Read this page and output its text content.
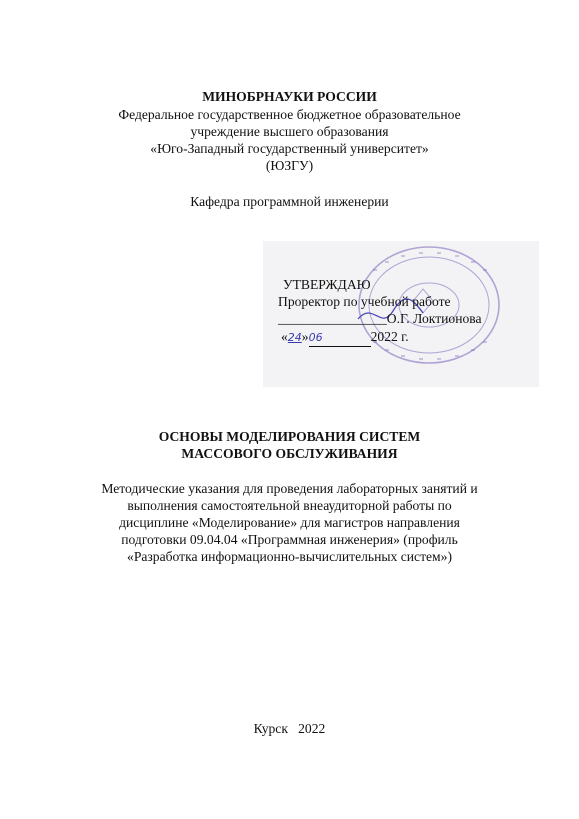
МИНОБРНАУКИ РОССИИ
Федеральное государственное бюджетное образовательное
учреждение высшего образования
«Юго-Западный государственный университет»
(ЮЗГУ)
Кафедра программной инженерии
УТВЕРЖДАЮ
Проректор по учебной работе
________________О.Г. Локтионова
«24»06	2022 г.
ОСНОВЫ МОДЕЛИРОВАНИЯ СИСТЕМ
МАССОВОГО ОБСЛУЖИВАНИЯ
Методические указания для проведения лабораторных занятий и
выполнения самостоятельной внеаудиторной работы по
дисциплине «Моделирование» для магистров направления
подготовки 09.04.04 «Программная инженерия» (профиль
«Разработка информационно-вычислительных систем»)
Курск   2022
